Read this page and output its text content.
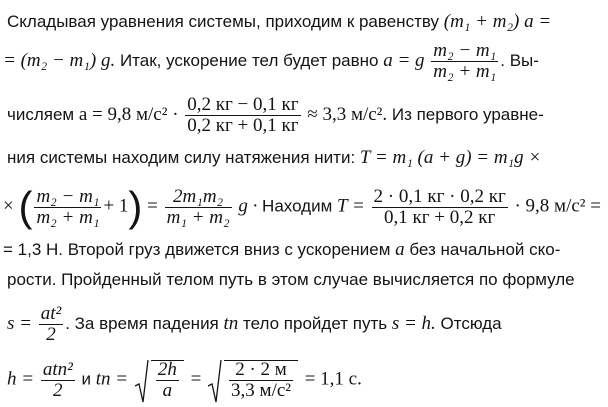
Складывая уравнения системы, приходим к равенству (m₁ + m₂) a =
= (m₂ − m₁) g. Итак, ускорение тел будет равно a = g $\frac{\text{m₂ − m₁}}{\text{m₂ + m₁}}$ . Вы-
числяем a = 9,8 $м/с^2 \cdot \frac{0,2 кг - 0,1 кг}{0,2 кг + 0,1 кг} \approx 3,3$ м/с². Из первого уравне-
ния системы находим силу натяжения нити: T = m₁ (a + g) = m₁g ×
× ( $\frac{\text{m₂ − m₁}}{\text{m₂ + m₁}} + 1) = \frac{\text{2m₁m₂}}{\text{m₁ + m₂}}$ g · Находим $T = \frac{2 \cdot 0,1 кг \cdot 0,2 кг}{0,1 кг + 0,2 кг} \cdot 9,8$ м/с² =
= 1,3 Н. Второй груз движется вниз с ускорением a без начальной ско-
рости. Пройденный телом путь в этом случае вычисляется по формуле
$s = \frac{\text{at²}}{2}$ . За время падения tп тело пройдет путь s = h. Отсюда
$h = \frac{\text{atп²}}{2}$ и tп = $\frac{2h}{a} = \frac{2 \cdot 2 м}{\text{3,3 м/с²}} = 1,1$ с.
